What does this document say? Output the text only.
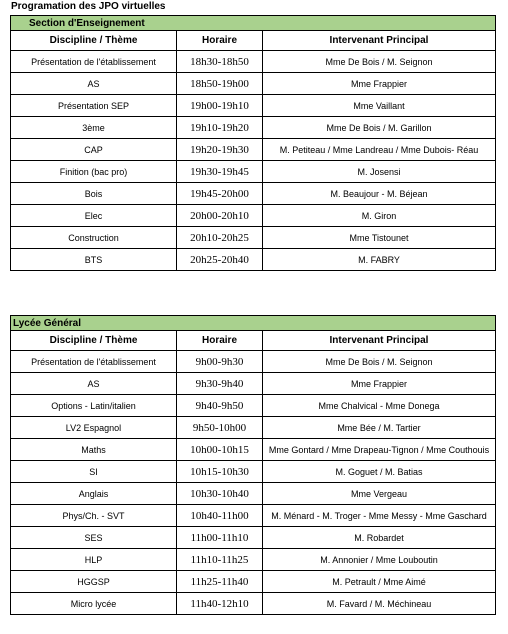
Programation des JPO virtuelles
Section d'Enseignement		
Discipline / Thème	Horaire	Intervenant Principal
Présentation de l'établissement	18h30-18h50	Mme De Bois / M. Seignon
AS	18h50-19h00	Mme Frappier
Présentation SEP	19h00-19h10	Mme Vaillant
3ème	19h10-19h20	Mme De Bois / M. Garillon
CAP	19h20-19h30	M. Petiteau / Mme Landreau / Mme Dubois- Réau
Finition (bac pro)	19h30-19h45	M. Josensi
Bois	19h45-20h00	M. Beaujour - M. Béjean
Elec	20h00-20h10	M. Giron
Construction	20h10-20h25	Mme Tistounet
BTS	20h25-20h40	M. FABRY
Lycée Général		
Discipline / Thème	Horaire	Intervenant Principal
Présentation de l'établissement	9h00-9h30	Mme De Bois / M. Seignon
AS	9h30-9h40	Mme Frappier
Options - Latin/italien	9h40-9h50	Mme Chalvical - Mme Donega
LV2 Espagnol	9h50-10h00	Mme Bée / M. Tartier
Maths	10h00-10h15	Mme Gontard / Mme Drapeau-Tignon / Mme Couthouis
SI	10h15-10h30	M. Goguet / M. Batias
Anglais	10h30-10h40	Mme Vergeau
Phys/Ch. - SVT	10h40-11h00	M. Ménard - M. Troger - Mme Messy - Mme Gaschard
SES	11h00-11h10	M. Robardet
HLP	11h10-11h25	M. Annonier / Mme Louboutin
HGGSP	11h25-11h40	M. Petrault / Mme Aimé
Micro lycée	11h40-12h10	M. Favard / M. Méchineau
